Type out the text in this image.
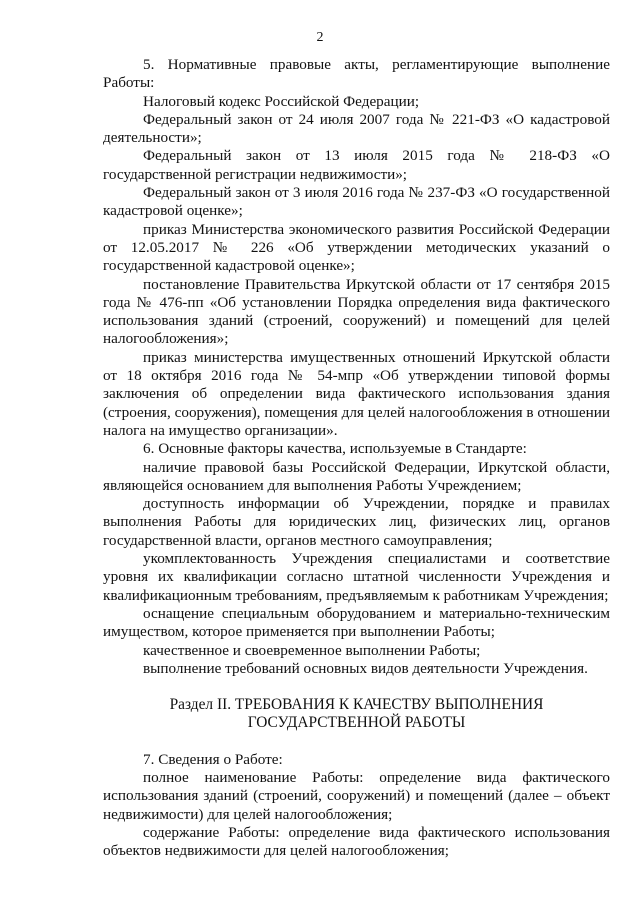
2

5. Нормативные правовые акты, регламентирующие выполнение Работы:

Налоговый кодекс Российской Федерации;

Федеральный закон от 24 июля 2007 года № 221-ФЗ «О кадастровой деятельности»;

Федеральный закон от 13 июля 2015 года № 218-ФЗ «О государственной регистрации недвижимости»;

Федеральный закон от 3 июля 2016 года № 237-ФЗ «О государственной кадастровой оценке»;

приказ Министерства экономического развития Российской Федерации от 12.05.2017 № 226 «Об утверждении методических указаний о государственной кадастровой оценке»;

постановление Правительства Иркутской области от 17 сентября 2015 года № 476-пп «Об установлении Порядка определения вида фактического использования зданий (строений, сооружений) и помещений для целей налогообложения»;

приказ министерства имущественных отношений Иркутской области от 18 октября 2016 года № 54-мпр «Об утверждении типовой формы заключения об определении вида фактического использования здания (строения, сооружения), помещения для целей налогообложения в отношении налога на имущество организации».

6. Основные факторы качества, используемые в Стандарте:

наличие правовой базы Российской Федерации, Иркутской области, являющейся основанием для выполнения Работы Учреждением;

доступность информации об Учреждении, порядке и правилах выполнения Работы для юридических лиц, физических лиц, органов государственной власти, органов местного самоуправления;

укомплектованность Учреждения специалистами и соответствие уровня их квалификации согласно штатной численности Учреждения и квалификационным требованиям, предъявляемым к работникам Учреждения;

оснащение специальным оборудованием и материально-техническим имуществом, которое применяется при выполнении Работы;

качественное и своевременное выполнении Работы;

выполнение требований основных видов деятельности Учреждения.

Раздел II. ТРЕБОВАНИЯ К КАЧЕСТВУ ВЫПОЛНЕНИЯ
ГОСУДАРСТВЕННОЙ РАБОТЫ

7. Сведения о Работе:

полное наименование Работы: определение вида фактического использования зданий (строений, сооружений) и помещений (далее – объект недвижимости) для целей налогообложения;

содержание Работы: определение вида фактического использования объектов недвижимости для целей налогообложения;
